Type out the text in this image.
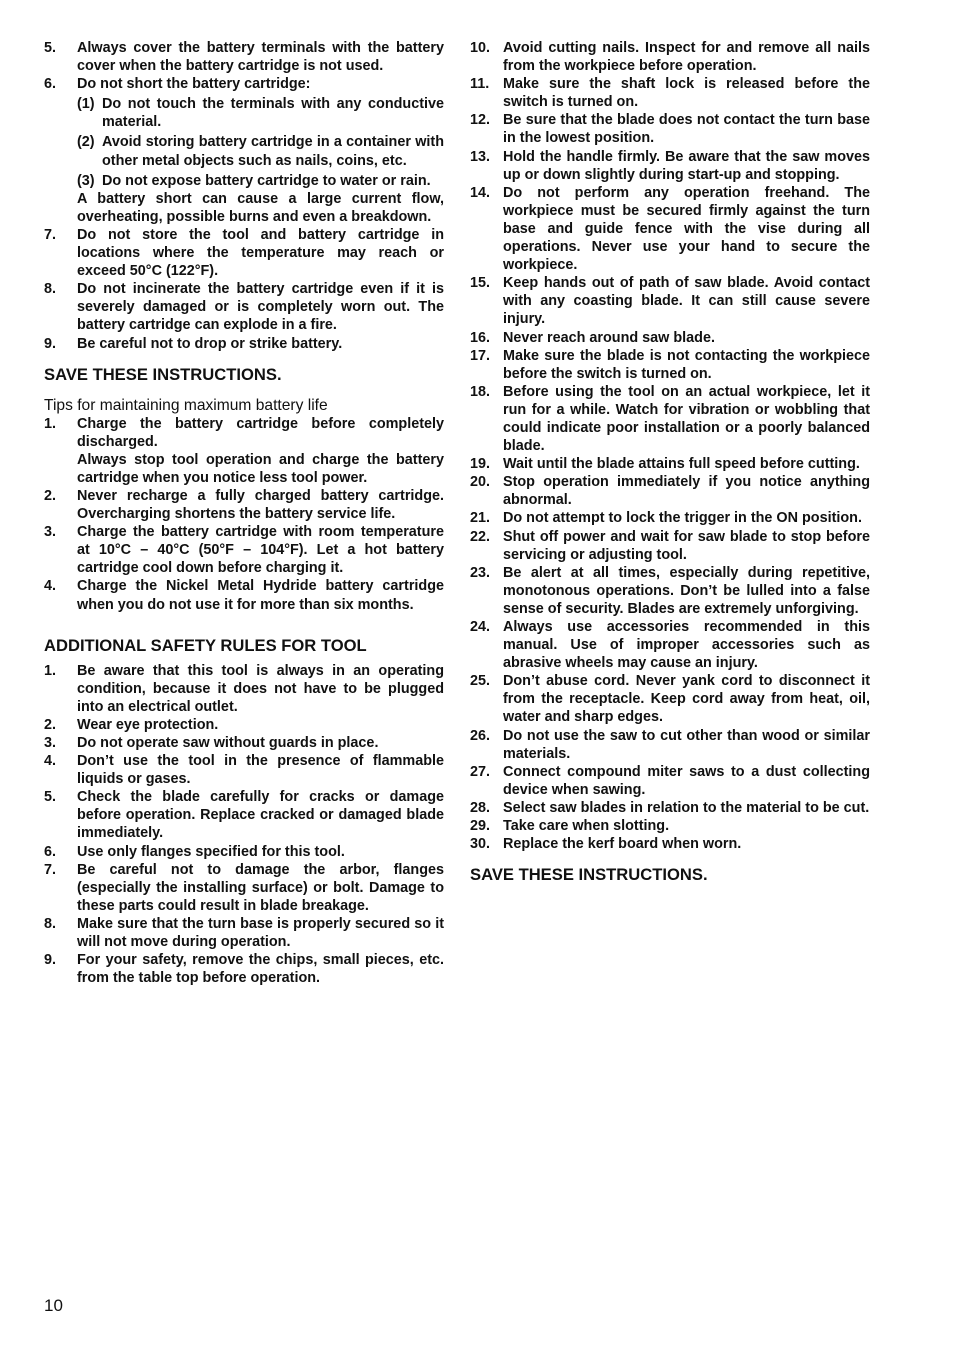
5. Always cover the battery terminals with the battery cover when the battery cartridge is not used.
6. Do not short the battery cartridge:
(1) Do not touch the terminals with any conductive material.
(2) Avoid storing battery cartridge in a container with other metal objects such as nails, coins, etc.
(3) Do not expose battery cartridge to water or rain.
A battery short can cause a large current flow, overheating, possible burns and even a breakdown.
7. Do not store the tool and battery cartridge in locations where the temperature may reach or exceed 50°C (122°F).
8. Do not incinerate the battery cartridge even if it is severely damaged or is completely worn out. The battery cartridge can explode in a fire.
9. Be careful not to drop or strike battery.
SAVE THESE INSTRUCTIONS.
Tips for maintaining maximum battery life
1. Charge the battery cartridge before completely discharged.
Always stop tool operation and charge the battery cartridge when you notice less tool power.
2. Never recharge a fully charged battery cartridge. Overcharging shortens the battery service life.
3. Charge the battery cartridge with room temperature at 10°C – 40°C (50°F – 104°F). Let a hot battery cartridge cool down before charging it.
4. Charge the Nickel Metal Hydride battery cartridge when you do not use it for more than six months.
ADDITIONAL SAFETY RULES FOR TOOL
1. Be aware that this tool is always in an operating condition, because it does not have to be plugged into an electrical outlet.
2. Wear eye protection.
3. Do not operate saw without guards in place.
4. Don’t use the tool in the presence of flammable liquids or gases.
5. Check the blade carefully for cracks or damage before operation. Replace cracked or damaged blade immediately.
6. Use only flanges specified for this tool.
7. Be careful not to damage the arbor, flanges (especially the installing surface) or bolt. Damage to these parts could result in blade breakage.
8. Make sure that the turn base is properly secured so it will not move during operation.
9. For your safety, remove the chips, small pieces, etc. from the table top before operation.
10. Avoid cutting nails. Inspect for and remove all nails from the workpiece before operation.
11. Make sure the shaft lock is released before the switch is turned on.
12. Be sure that the blade does not contact the turn base in the lowest position.
13. Hold the handle firmly. Be aware that the saw moves up or down slightly during start-up and stopping.
14. Do not perform any operation freehand. The workpiece must be secured firmly against the turn base and guide fence with the vise during all operations. Never use your hand to secure the workpiece.
15. Keep hands out of path of saw blade. Avoid contact with any coasting blade. It can still cause severe injury.
16. Never reach around saw blade.
17. Make sure the blade is not contacting the workpiece before the switch is turned on.
18. Before using the tool on an actual workpiece, let it run for a while. Watch for vibration or wobbling that could indicate poor installation or a poorly balanced blade.
19. Wait until the blade attains full speed before cutting.
20. Stop operation immediately if you notice anything abnormal.
21. Do not attempt to lock the trigger in the ON position.
22. Shut off power and wait for saw blade to stop before servicing or adjusting tool.
23. Be alert at all times, especially during repetitive, monotonous operations. Don’t be lulled into a false sense of security. Blades are extremely unforgiving.
24. Always use accessories recommended in this manual. Use of improper accessories such as abrasive wheels may cause an injury.
25. Don’t abuse cord. Never yank cord to disconnect it from the receptacle. Keep cord away from heat, oil, water and sharp edges.
26. Do not use the saw to cut other than wood or similar materials.
27. Connect compound miter saws to a dust collecting device when sawing.
28. Select saw blades in relation to the material to be cut.
29. Take care when slotting.
30. Replace the kerf board when worn.
SAVE THESE INSTRUCTIONS.
10
